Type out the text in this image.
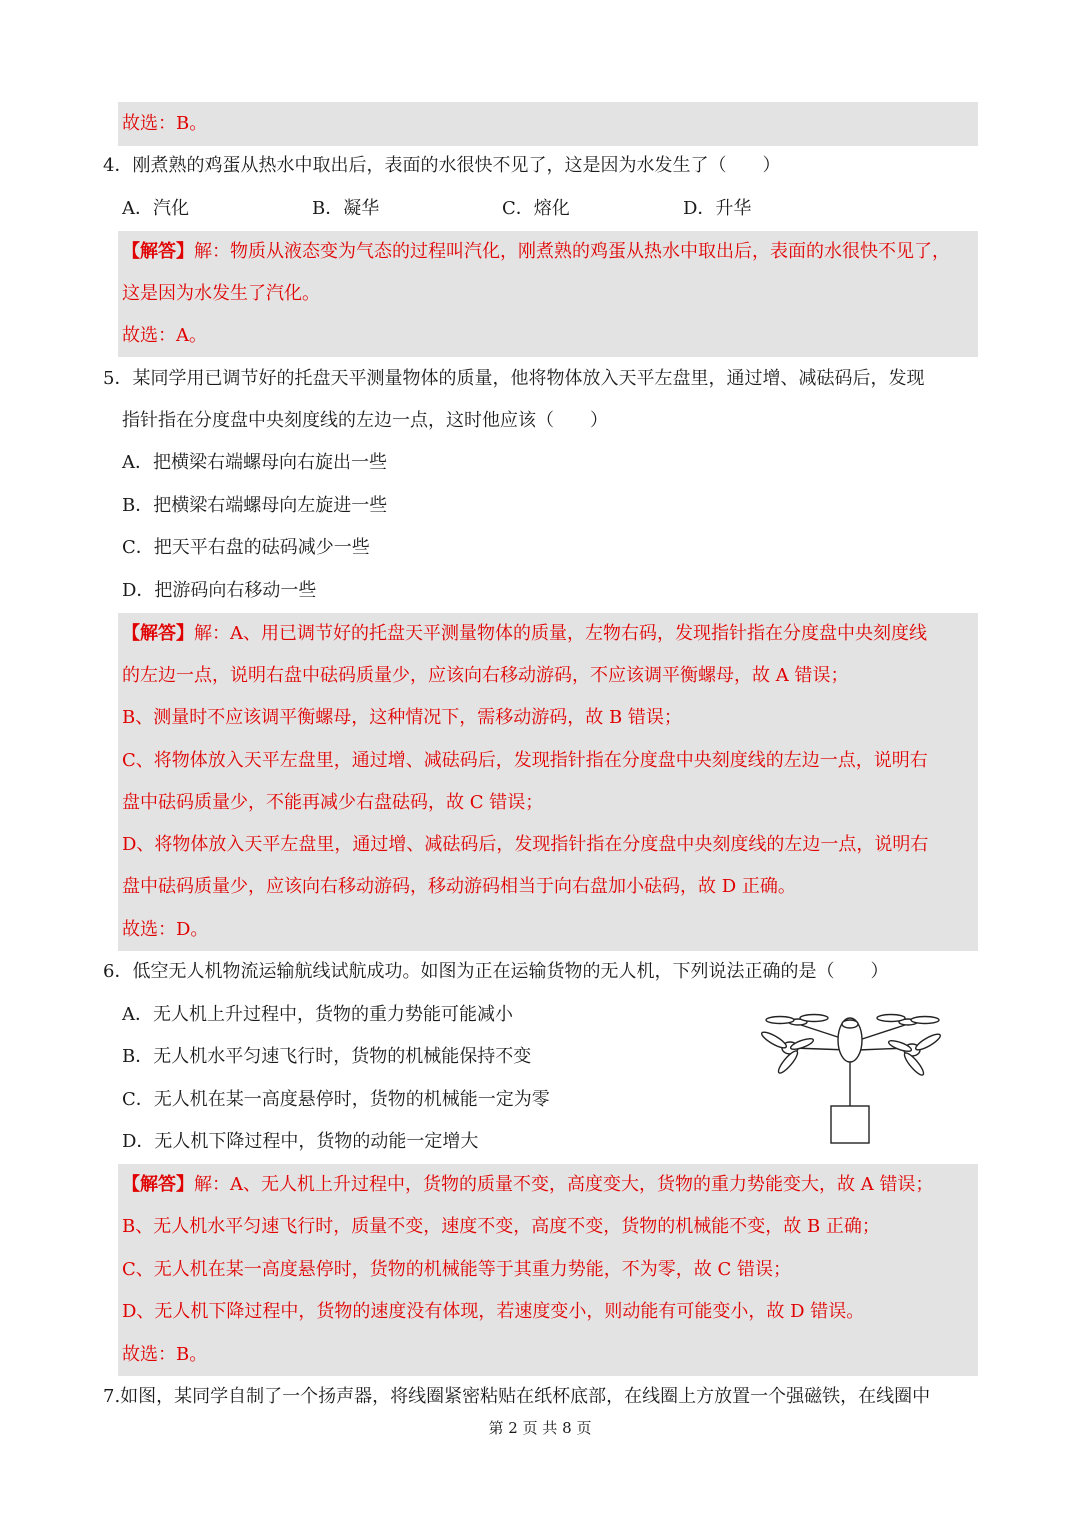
故选：B。
4．刚煮熟的鸡蛋从热水中取出后，表面的水很快不见了，这是因为水发生了（　　）
A．汽化	B．凝华	C．熔化	D．升华
【解答】解：物质从液态变为气态的过程叫汽化，刚煮熟的鸡蛋从热水中取出后，表面的水很快不见了，
这是因为水发生了汽化。
故选：A。
5．某同学用已调节好的托盘天平测量物体的质量，他将物体放入天平左盘里，通过增、减砝码后，发现
指针指在分度盘中央刻度线的左边一点，这时他应该（　　）
A．把横梁右端螺母向右旋出一些
B．把横梁右端螺母向左旋进一些
C．把天平右盘的砝码减少一些
D．把游码向右移动一些
【解答】解：A、用已调节好的托盘天平测量物体的质量，左物右码，发现指针指在分度盘中央刻度线
的左边一点，说明右盘中砝码质量少，应该向右移动游码，不应该调平衡螺母，故 A 错误；
B、测量时不应该调平衡螺母，这种情况下，需移动游码，故 B 错误；
C、将物体放入天平左盘里，通过增、减砝码后，发现指针指在分度盘中央刻度线的左边一点，说明右
盘中砝码质量少，不能再减少右盘砝码，故 C 错误；
D、将物体放入天平左盘里，通过增、减砝码后，发现指针指在分度盘中央刻度线的左边一点，说明右
盘中砝码质量少，应该向右移动游码，移动游码相当于向右盘加小砝码，故 D 正确。
故选：D。
6．低空无人机物流运输航线试航成功。如图为正在运输货物的无人机，下列说法正确的是（　　）
A．无人机上升过程中，货物的重力势能可能减小
B．无人机水平匀速飞行时，货物的机械能保持不变
C．无人机在某一高度悬停时，货物的机械能一定为零
D．无人机下降过程中，货物的动能一定增大
【解答】解：A、无人机上升过程中，货物的质量不变，高度变大，货物的重力势能变大，故 A 错误；
B、无人机水平匀速飞行时，质量不变，速度不变，高度不变，货物的机械能不变，故 B 正确；
C、无人机在某一高度悬停时，货物的机械能等于其重力势能，不为零，故 C 错误；
D、无人机下降过程中，货物的速度没有体现，若速度变小，则动能有可能变小，故 D 错误。
故选：B。
7.如图，某同学自制了一个扬声器，将线圈紧密粘贴在纸杯底部，在线圈上方放置一个强磁铁，在线圈中
第 2 页 共 8 页
